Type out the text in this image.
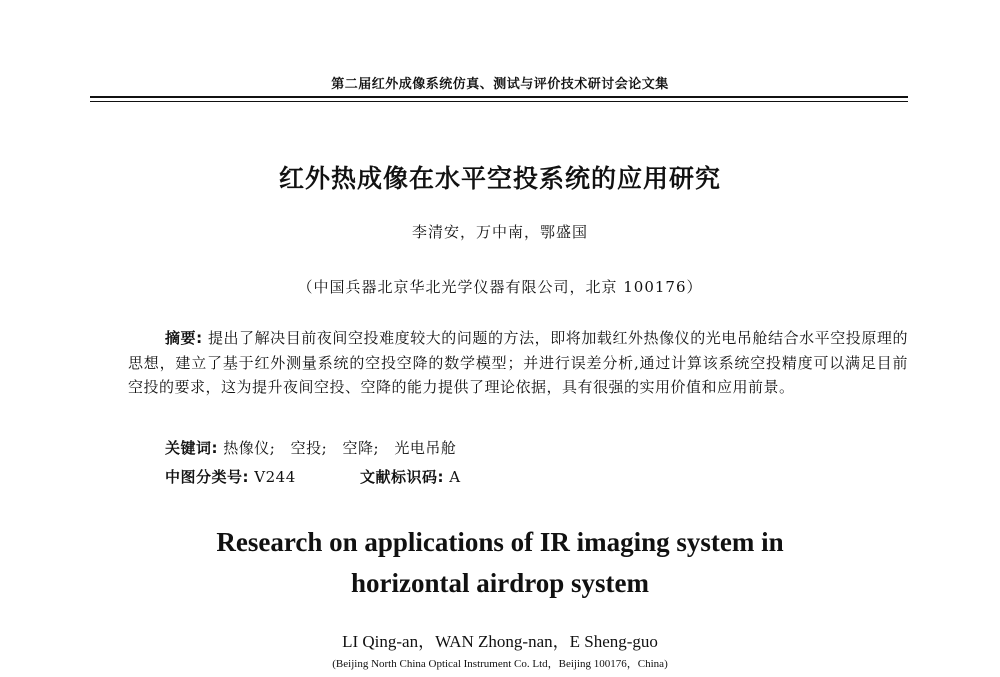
第二届红外成像系统仿真、测试与评价技术研讨会论文集
红外热成像在水平空投系统的应用研究
李清安，万中南，鄂盛国
（中国兵器北京华北光学仪器有限公司，北京 100176）
摘要: 提出了解决目前夜间空投难度较大的问题的方法，即将加载红外热像仪的光电吊舱结合水平空投原理的思想，建立了基于红外测量系统的空投空降的数学模型；并进行误差分析,通过计算该系统空投精度可以满足目前空投的要求，这为提升夜间空投、空降的能力提供了理论依据，具有很强的实用价值和应用前景。
关键词: 热像仪; 空投; 空降; 光电吊舱
中图分类号: V244	文献标识码: A
Research on applications of IR imaging system in
horizontal airdrop system
LI Qing-an，WAN Zhong-nan，E Sheng-guo
(Beijing North China Optical Instrument Co. Ltd，Beijing 100176，China)
